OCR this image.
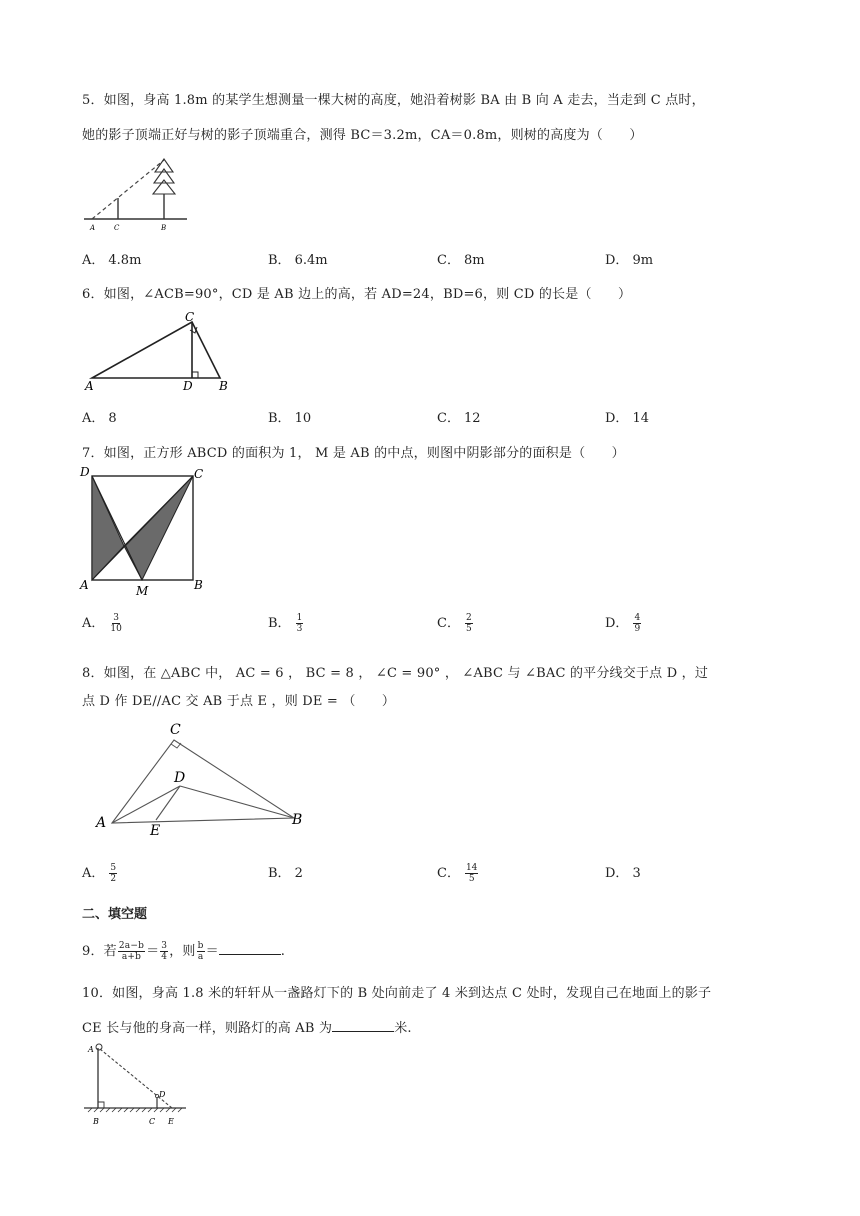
5．如图，身高 1.8m 的某学生想测量一棵大树的高度，她沿着树影 BA 由 B 向 A 走去，当走到 C 点时，
她的影子顶端正好与树的影子顶端重合，测得 BC＝3.2m，CA＝0.8m，则树的高度为（　　）
A	C	B
A． 4.8m	B． 6.4m	C． 8m	D． 9m
6．如图，∠ACB=90°，CD 是 AB 边上的高，若 AD=24，BD=6，则 CD 的长是（　　）
A	B
C
D
A． 8	B． 10	C． 12	D． 14
7．如图，正方形 ABCD 的面积为 1， M 是 AB 的中点，则图中阴影部分的面积是（　　）
D	C
A	B
M
A． $\frac{3}{10}$	B． $\frac{1}{3}$	C． $\frac{2}{5}$	D． $\frac{4}{9}$
8．如图，在 △ABC 中， AC = 6 ， BC = 8 ， ∠C = 90° ， ∠ABC 与 ∠BAC 的平分线交于点 D ，过
点 D 作 DE//AC 交 AB 于点 E ，则 DE = （　　）
C
D
A	B
E
A． $\frac{5}{2}$	B． 2	C． $\frac{14}{5}$	D． 3
二、填空题
9．若 $\frac{2a-b}{a+b} = \frac{3}{4}$ ，则 $\frac{b}{a}$ ＝	.
10．如图，身高 1.8 米的轩轩从一盏路灯下的 B 处向前走了 4 米到达点 C 处时，发现自己在地面上的影子
CE 长与他的身高一样，则路灯的高 AB 为	米.
A
D
B	C E
